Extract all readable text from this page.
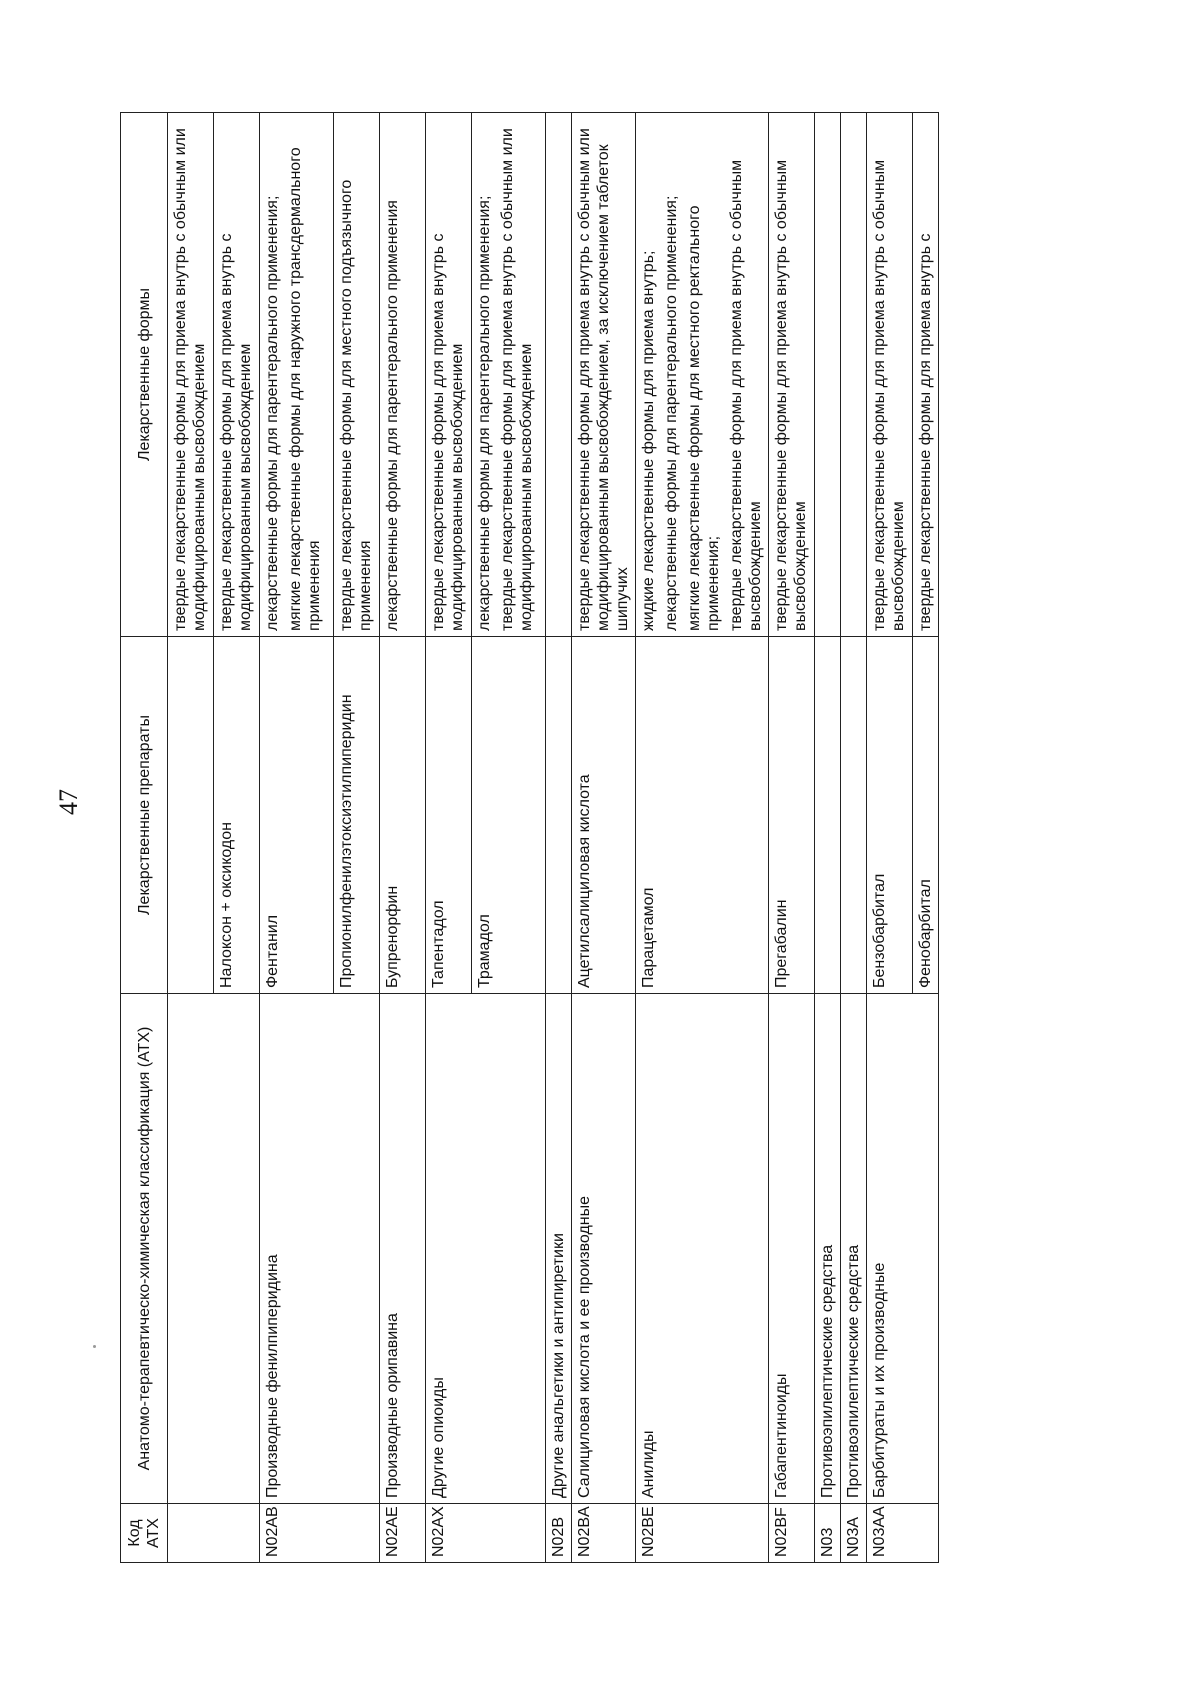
47
Код АТХ	Анатомо-терапевтическо-химическая классификация (АТХ)	Лекарственные препараты	Лекарственные формы

			твердые лекарственные формы для приема внутрь с обычным или модифицированным высвобождением

		Налоксон + оксикодон	твердые лекарственные формы для приема внутрь с модифицированным высвобождением

N02AB	Производные фенилпиперидина	Фентанил	лекарственные формы для парентерального применения; мягкие лекарственные формы для наружного трансдермального применения

		Пропионилфенилэтоксиэтилпиперидин	твердые лекарственные формы для местного подъязычного применения

N02AE	Производные орипавина	Бупренорфин	лекарственные формы для парентерального применения

N02AX	Другие опиоиды	Тапентадол	твердые лекарственные формы для приема внутрь с модифицированным высвобождением

		Трамадол	лекарственные формы для парентерального применения; твердые лекарственные формы для приема внутрь с обычным или модифицированным высвобождением

N02B	Другие анальгетики и антипиретики		
N02BA	Салициловая кислота и ее производные	Ацетилсалициловая кислота	твердые лекарственные формы для приема внутрь с обычным или модифицированным высвобождением, за исключением таблеток шипучих

N02BE	Анилиды	Парацетамол	жидкие лекарственные формы для приема внутрь; лекарственные формы для парентерального применения; мягкие лекарственные формы для местного ректального применения; твердые лекарственные формы для приема внутрь с обычным высвобождением

N02BF	Габапентиноиды	Прегабалин	твердые лекарственные формы для приема внутрь с обычным высвобождением

N03	Противоэпилептические средства		
N03A	Противоэпилептические средства		
N03AA	Барбитураты и их производные	Бензобарбитал	твердые лекарственные формы для приема внутрь с обычным высвобождением

		Фенобарбитал	твердые лекарственные формы для приема внутрь с
